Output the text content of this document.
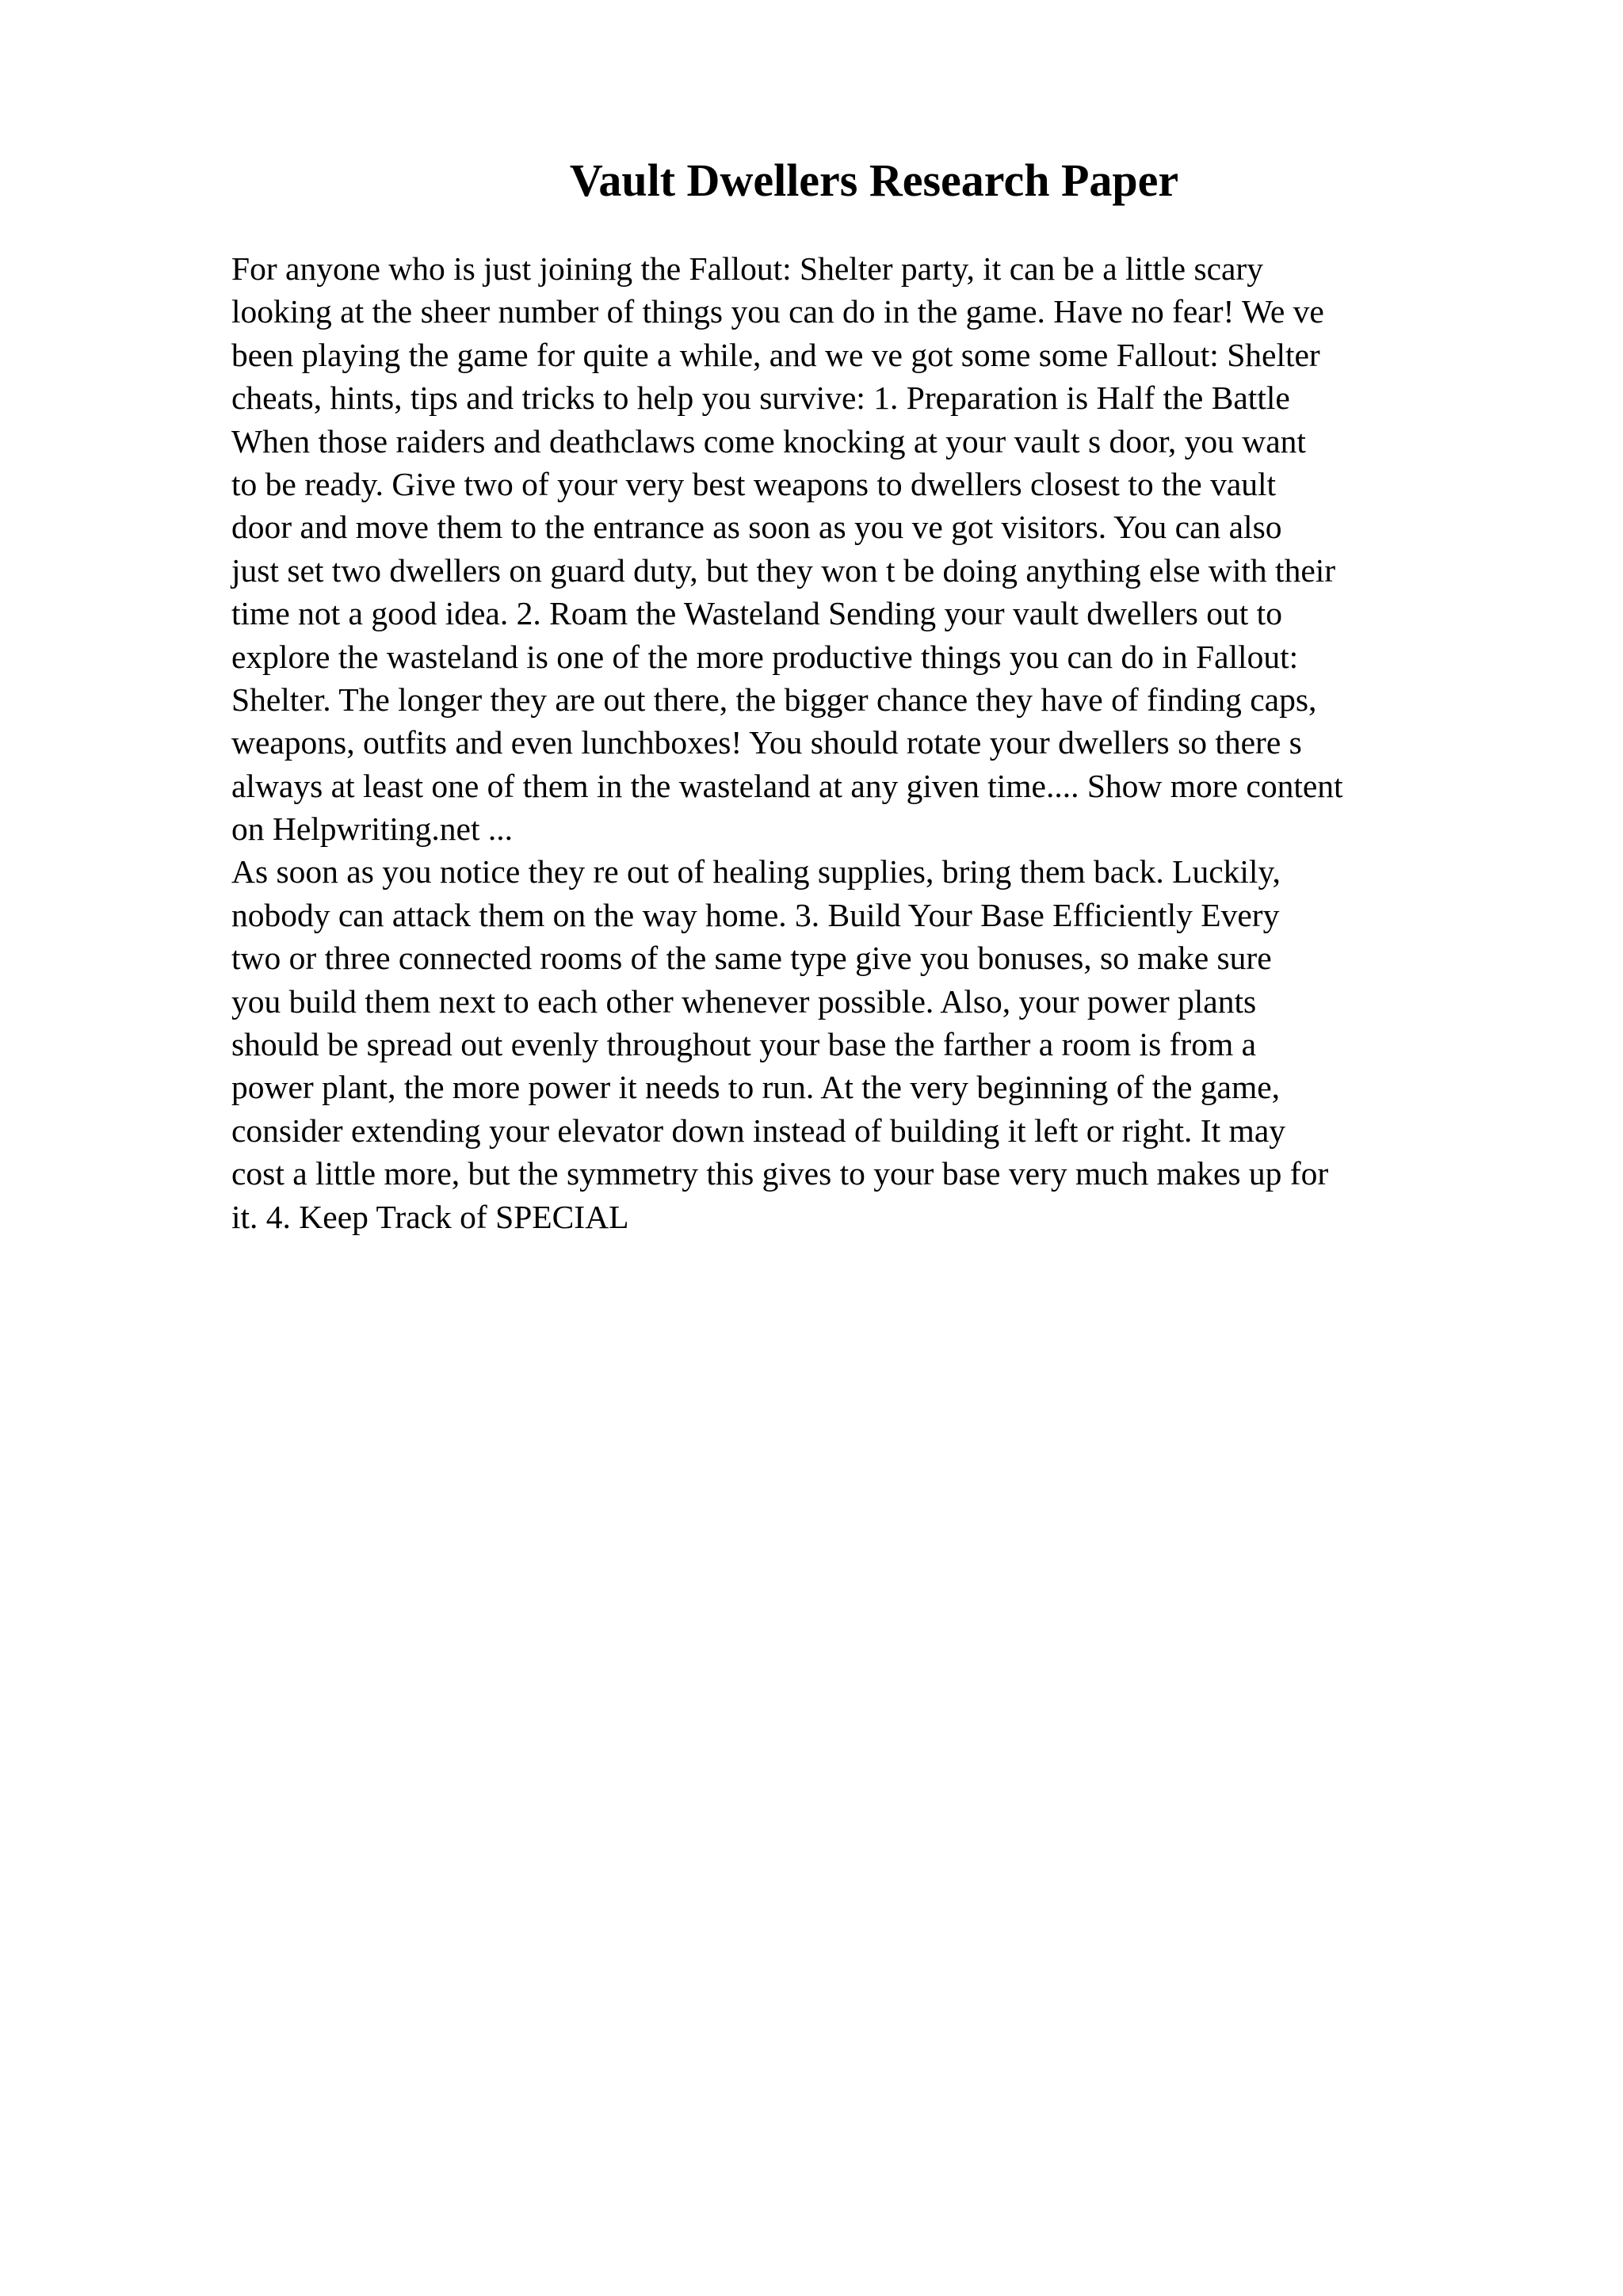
Vault Dwellers Research Paper
For anyone who is just joining the Fallout: Shelter party, it can be a little scary
looking at the sheer number of things you can do in the game. Have no fear! We ve
been playing the game for quite a while, and we ve got some some Fallout: Shelter
cheats, hints, tips and tricks to help you survive: 1. Preparation is Half the Battle
When those raiders and deathclaws come knocking at your vault s door, you want
to be ready. Give two of your very best weapons to dwellers closest to the vault
door and move them to the entrance as soon as you ve got visitors. You can also
just set two dwellers on guard duty, but they won t be doing anything else with their
time not a good idea. 2. Roam the Wasteland Sending your vault dwellers out to
explore the wasteland is one of the more productive things you can do in Fallout:
Shelter. The longer they are out there, the bigger chance they have of finding caps,
weapons, outfits and even lunchboxes! You should rotate your dwellers so there s
always at least one of them in the wasteland at any given time.... Show more content
on Helpwriting.net ...
As soon as you notice they re out of healing supplies, bring them back. Luckily,
nobody can attack them on the way home. 3. Build Your Base Efficiently Every
two or three connected rooms of the same type give you bonuses, so make sure
you build them next to each other whenever possible. Also, your power plants
should be spread out evenly throughout your base the farther a room is from a
power plant, the more power it needs to run. At the very beginning of the game,
consider extending your elevator down instead of building it left or right. It may
cost a little more, but the symmetry this gives to your base very much makes up for
it. 4. Keep Track of SPECIAL
